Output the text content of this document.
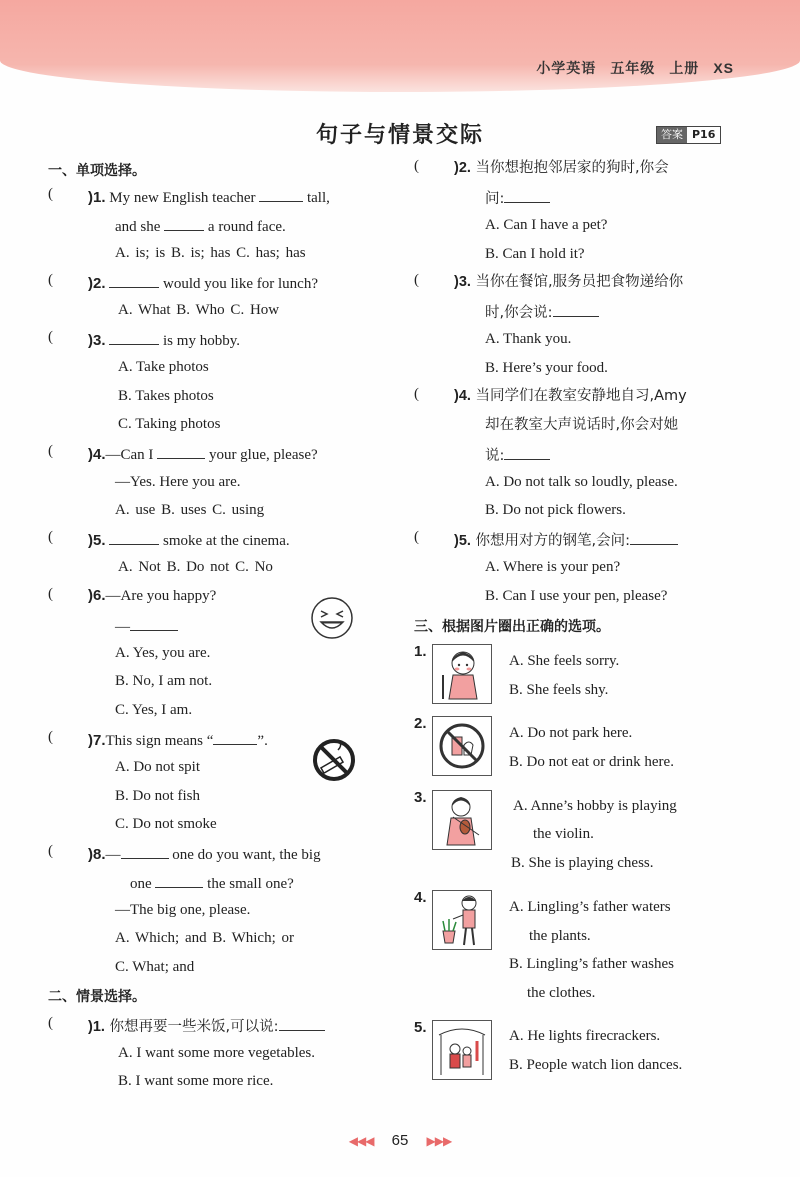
小学英语 五年级 上册 XS
句子与情景交际	答案 P16
一、单项选择。
( )1. My new English teacher	tall,
and she	a round face.
A. is; is B. is; has C. has; has
( )2.	would you like for lunch?
A. What B. Who C. How
( )3.	is my hobby.
A. Take photos
B. Takes photos
C. Taking photos
( )4.—Can I	your glue, please?
—Yes. Here you are.
A. use B. uses C. using
( )5.	smoke at the cinema.
A. Not B. Do not C. No
( )6.—Are you happy?
—
A. Yes, you are.
B. No, I am not.
C. Yes, I am.
( )7.This sign means “	”.
A. Do not spit
B. Do not fish
C. Do not smoke
( )8.—	one do you want, the big
one	the small one?
—The big one, please.
A. Which; and B. Which; or
C. What; and
二、情景选择。
( )1. 你想再要一些米饭,可以说:
A. I want some more vegetables.
B. I want some more rice.
( )2. 当你想抱抱邻居家的狗时,你会
问:
A. Can I have a pet?
B. Can I hold it?
( )3. 当你在餐馆,服务员把食物递给你
时,你会说:
A. Thank you.
B. Here’s your food.
( )4. 当同学们在教室安静地自习,Amy
却在教室大声说话时,你会对她
说:
A. Do not talk so loudly, please.
B. Do not pick flowers.
( )5. 你想用对方的钢笔,会问:
A. Where is your pen?
B. Can I use your pen, please?
三、根据图片圈出正确的选项。
1.
A. She feels sorry.
B. She feels shy.
2.
A. Do not park here.
B. Do not eat or drink here.
3.	A. Anne’s hobby is playing
the violin.
B. She is playing chess.
4.
A. Lingling’s father waters
the plants.
B. Lingling’s father washes
the clothes.
5.	A. He lights firecrackers.
B. People watch lion dances.
◀◀◀ 65 ▶▶▶
